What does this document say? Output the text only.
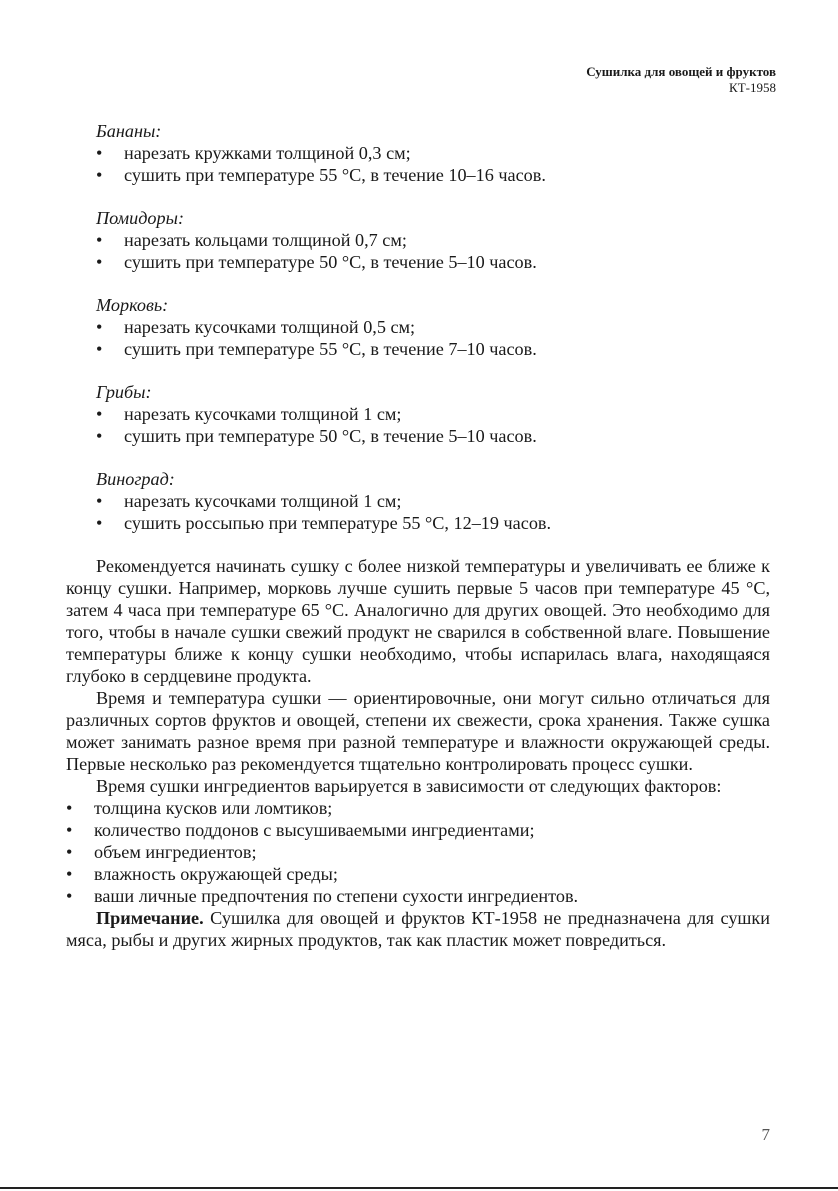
Сушилка для овощей и фруктов
КТ-1958
Бананы:
• нарезать кружками толщиной 0,3 см;
• сушить при температуре 55 °С, в течение 10–16 часов.
Помидоры:
• нарезать кольцами толщиной 0,7 см;
• сушить при температуре 50 °С, в течение 5–10 часов.
Морковь:
• нарезать кусочками толщиной 0,5 см;
• сушить при температуре 55 °С, в течение 7–10 часов.
Грибы:
• нарезать кусочками толщиной 1 см;
• сушить при температуре 50 °С, в течение 5–10 часов.
Виноград:
• нарезать кусочками толщиной 1 см;
• сушить россыпью при температуре 55 °С, 12–19 часов.

Рекомендуется начинать сушку с более низкой температуры и увеличивать ее ближе к концу сушки. Например, морковь лучше сушить первые 5 часов при температуре 45 °С, затем 4 часа при температуре 65 °С. Аналогично для других овощей. Это необходимо для того, чтобы в начале сушки свежий продукт не сварился в собственной влаге. Повышение температуры ближе к концу сушки необходимо, чтобы испарилась влага, находящаяся глубоко в сердцевине продукта.

Время и температура сушки — ориентировочные, они могут сильно отличаться для различных сортов фруктов и овощей, степени их свежести, срока хранения. Также сушка может занимать разное время при разной температуре и влажности окружающей среды. Первые несколько раз рекомендуется тщательно контролировать процесс сушки.

Время сушки ингредиентов варьируется в зависимости от следующих факторов:

• толщина кусков или ломтиков;
• количество поддонов с высушиваемыми ингредиентами;
• объем ингредиентов;
• влажность окружающей среды;
• ваши личные предпочтения по степени сухости ингредиентов.

Примечание. Сушилка для овощей и фруктов КТ-1958 не предназначена для сушки мяса, рыбы и других жирных продуктов, так как пластик может повредиться.

7
